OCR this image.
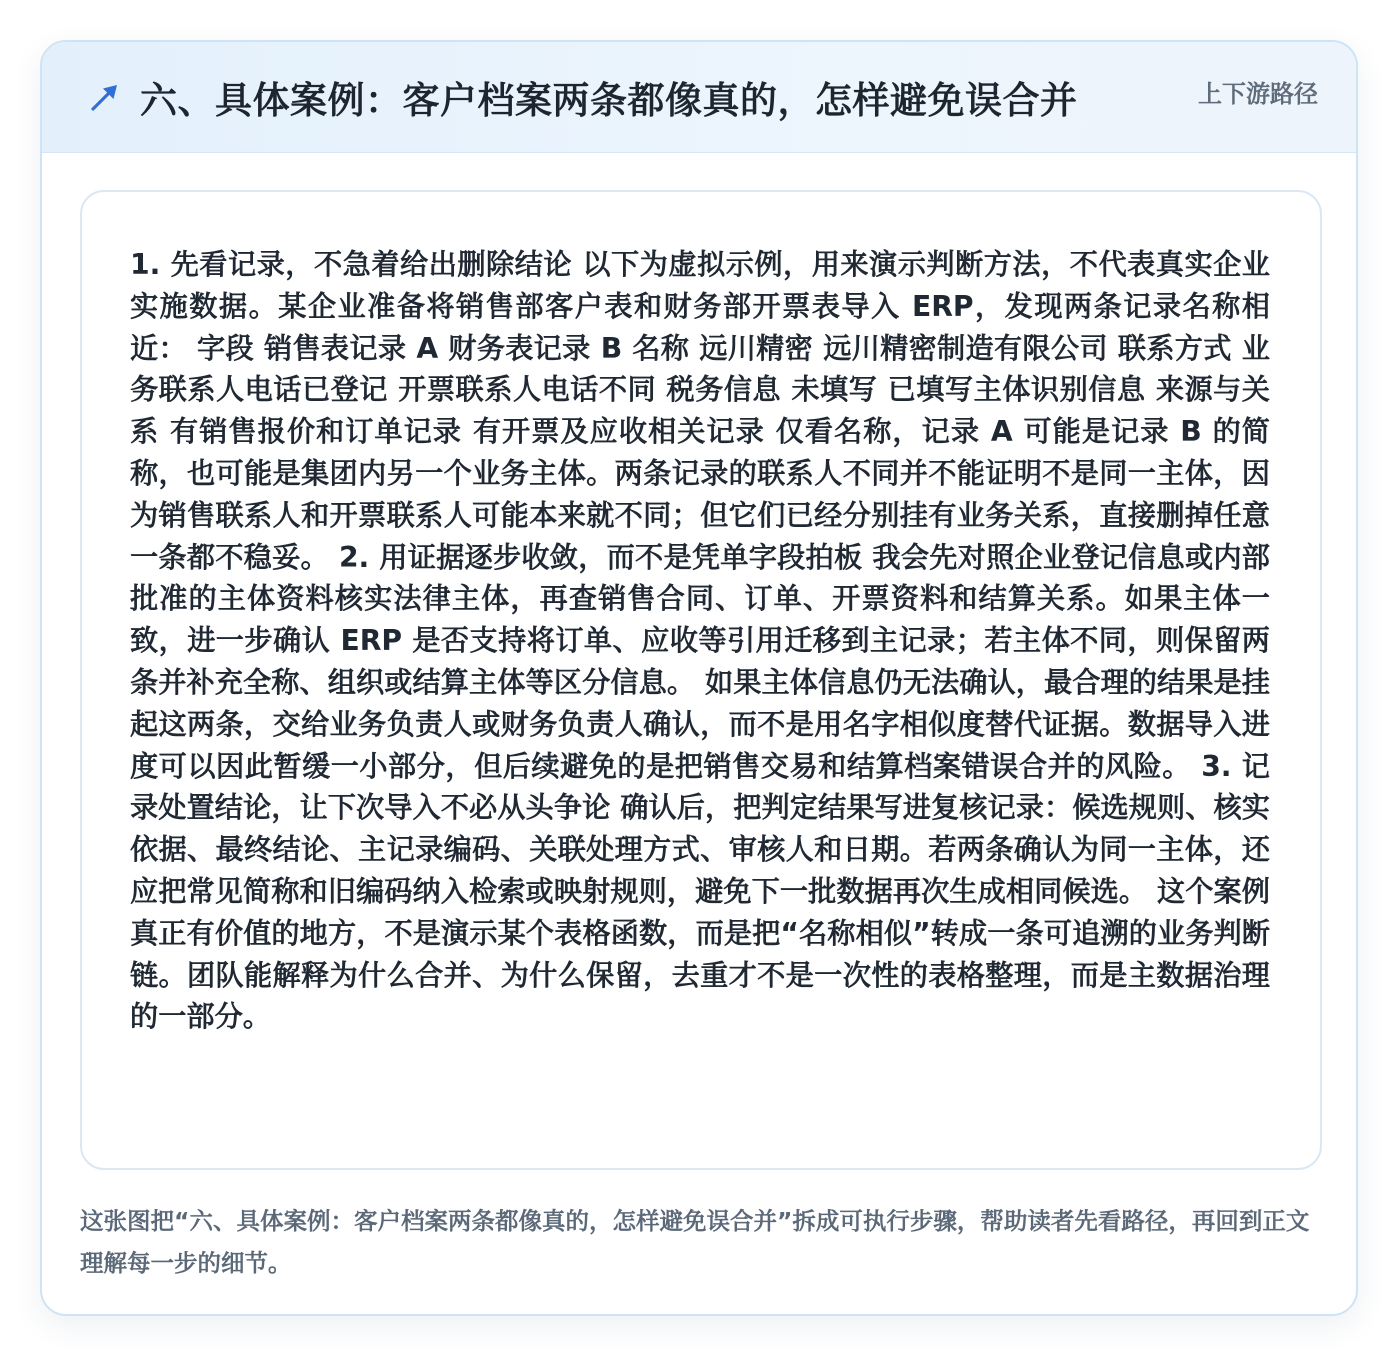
六、具体案例：客户档案两条都像真的，怎样避免误合并	上下游路径

1. 先看记录，不急着给出删除结论 以下为虚拟示例，用来演示判断方法，不代表真实企业实施数据。某企业准备将销售部客户表和财务部开票表导入 ERP，发现两条记录名称相近： 字段 销售表记录 A 财务表记录 B 名称 远川精密 远川精密制造有限公司 联系方式 业务联系人电话已登记 开票联系人电话不同 税务信息 未填写 已填写主体识别信息 来源与关系 有销售报价和订单记录 有开票及应收相关记录 仅看名称，记录 A 可能是记录 B 的简称，也可能是集团内另一个业务主体。两条记录的联系人不同并不能证明不是同一主体，因为销售联系人和开票联系人可能本来就不同；但它们已经分别挂有业务关系，直接删掉任意一条都不稳妥。 2. 用证据逐步收敛，而不是凭单字段拍板 我会先对照企业登记信息或内部批准的主体资料核实法律主体，再查销售合同、订单、开票资料和结算关系。如果主体一致，进一步确认 ERP 是否支持将订单、应收等引用迁移到主记录；若主体不同，则保留两条并补充全称、组织或结算主体等区分信息。 如果主体信息仍无法确认，最合理的结果是挂起这两条，交给业务负责人或财务负责人确认，而不是用名字相似度替代证据。数据导入进度可以因此暂缓一小部分，但后续避免的是把销售交易和结算档案错误合并的风险。 3. 记录处置结论，让下次导入不必从头争论 确认后，把判定结果写进复核记录：候选规则、核实依据、最终结论、主记录编码、关联处理方式、审核人和日期。若两条确认为同一主体，还应把常见简称和旧编码纳入检索或映射规则，避免下一批数据再次生成相同候选。 这个案例真正有价值的地方，不是演示某个表格函数，而是把“名称相似”转成一条可追溯的业务判断链。团队能解释为什么合并、为什么保留，去重才不是一次性的表格整理，而是主数据治理的一部分。

这张图把“六、具体案例：客户档案两条都像真的，怎样避免误合并”拆成可执行步骤，帮助读者先看路径，再回到正文理解每一步的细节。
